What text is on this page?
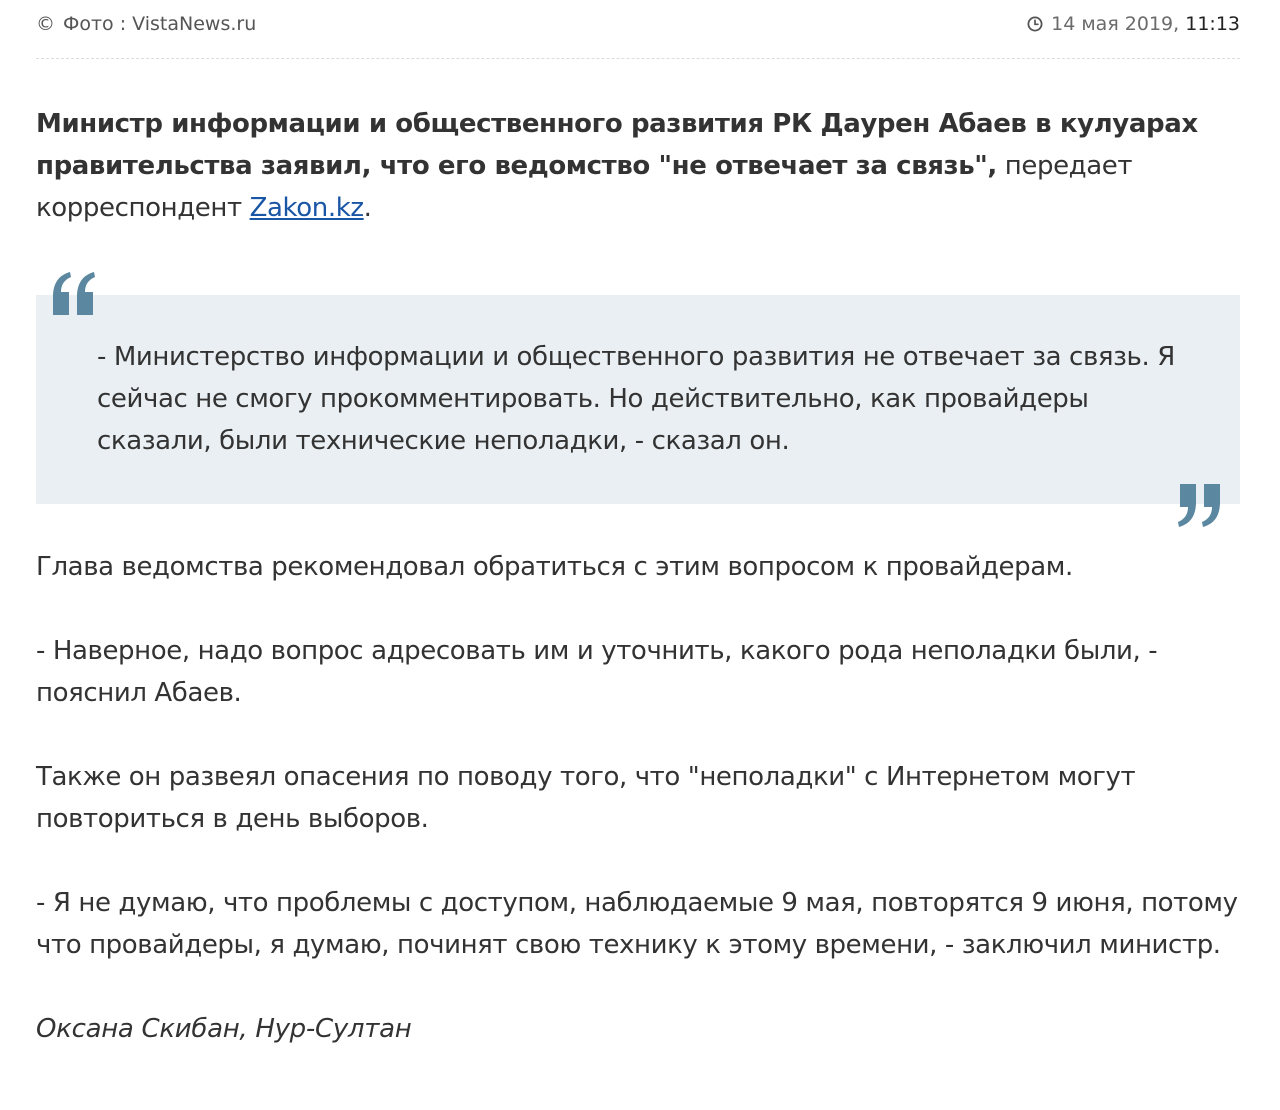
© Фото : VistaNews.ru	14 мая 2019, 11:13

Министр информации и общественного развития РК Даурен Абаев в кулуарах правительства заявил, что его ведомство "не отвечает за связь", передает корреспондент Zakon.kz.

- Министерство информации и общественного развития не отвечает за связь. Я сейчас не смогу прокомментировать. Но действительно, как провайдеры сказали, были технические неполадки, - сказал он.

Глава ведомства рекомендовал обратиться с этим вопросом к провайдерам.

- Наверное, надо вопрос адресовать им и уточнить, какого рода неполадки были, - пояснил Абаев.

Также он развеял опасения по поводу того, что "неполадки" с Интернетом могут повториться в день выборов.

- Я не думаю, что проблемы с доступом, наблюдаемые 9 мая, повторятся 9 июня, потому что провайдеры, я думаю, починят свою технику к этому времени, - заключил министр.

Оксана Скибан, Нур-Султан
